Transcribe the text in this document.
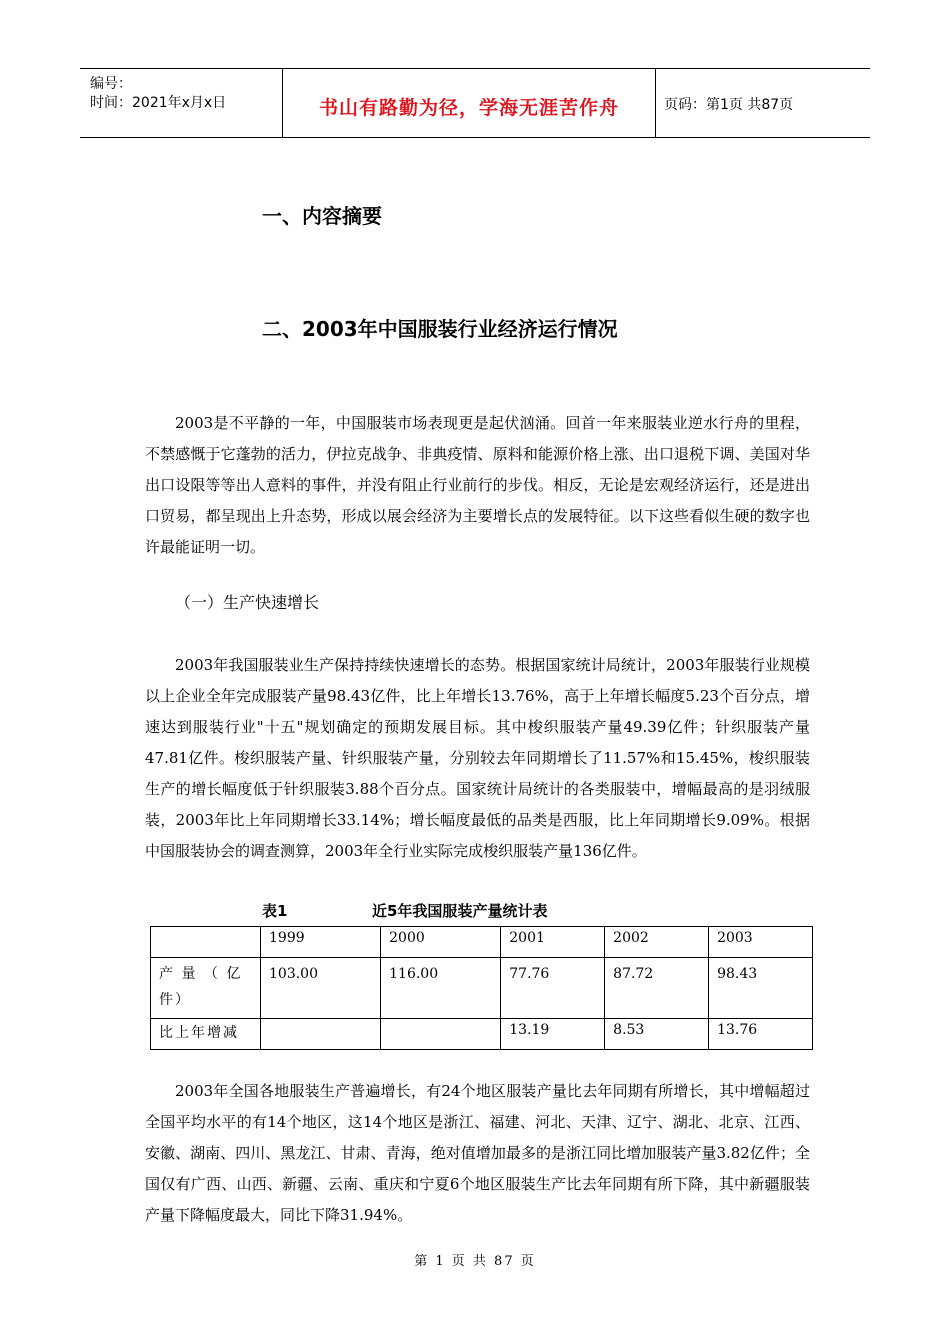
编号：
时间：2021年x月x日	书山有路勤为径，学海无涯苦作舟	页码：第1页 共87页
一、内容摘要
二、2003年中国服装行业经济运行情况
2003是不平静的一年，中国服装市场表现更是起伏汹涌。回首一年来服装业逆水行舟的里程，不禁感慨于它蓬勃的活力，伊拉克战争、非典疫情、原料和能源价格上涨、出口退税下调、美国对华出口设限等等出人意料的事件，并没有阻止行业前行的步伐。相反，无论是宏观经济运行，还是进出口贸易，都呈现出上升态势，形成以展会经济为主要增长点的发展特征。以下这些看似生硬的数字也许最能证明一切。
（一）生产快速增长
2003年我国服装业生产保持持续快速增长的态势。根据国家统计局统计，2003年服装行业规模以上企业全年完成服装产量98.43亿件，比上年增长13.76%，高于上年增长幅度5.23个百分点，增速达到服装行业"十五"规划确定的预期发展目标。其中梭织服装产量49.39亿件；针织服装产量47.81亿件。梭织服装产量、针织服装产量，分别较去年同期增长了11.57%和15.45%，梭织服装生产的增长幅度低于针织服装3.88个百分点。国家统计局统计的各类服装中，增幅最高的是羽绒服装，2003年比上年同期增长33.14%；增长幅度最低的品类是西服，比上年同期增长9.09%。根据中国服装协会的调查测算，2003年全行业实际完成梭织服装产量136亿件。
表1	近5年我国服装产量统计表
	1999	2000	2001	2002	2003
产 量 （ 亿件）	103.00	116.00	77.76	87.72	98.43
比上年增减			13.19	8.53	13.76
2003年全国各地服装生产普遍增长，有24个地区服装产量比去年同期有所增长，其中增幅超过全国平均水平的有14个地区，这14个地区是浙江、福建、河北、天津、辽宁、湖北、北京、江西、安徽、湖南、四川、黑龙江、甘肃、青海，绝对值增加最多的是浙江同比增加服装产量3.82亿件；全国仅有广西、山西、新疆、云南、重庆和宁夏6个地区服装生产比去年同期有所下降，其中新疆服装产量下降幅度最大，同比下降31.94%。
第 1 页 共 87 页
